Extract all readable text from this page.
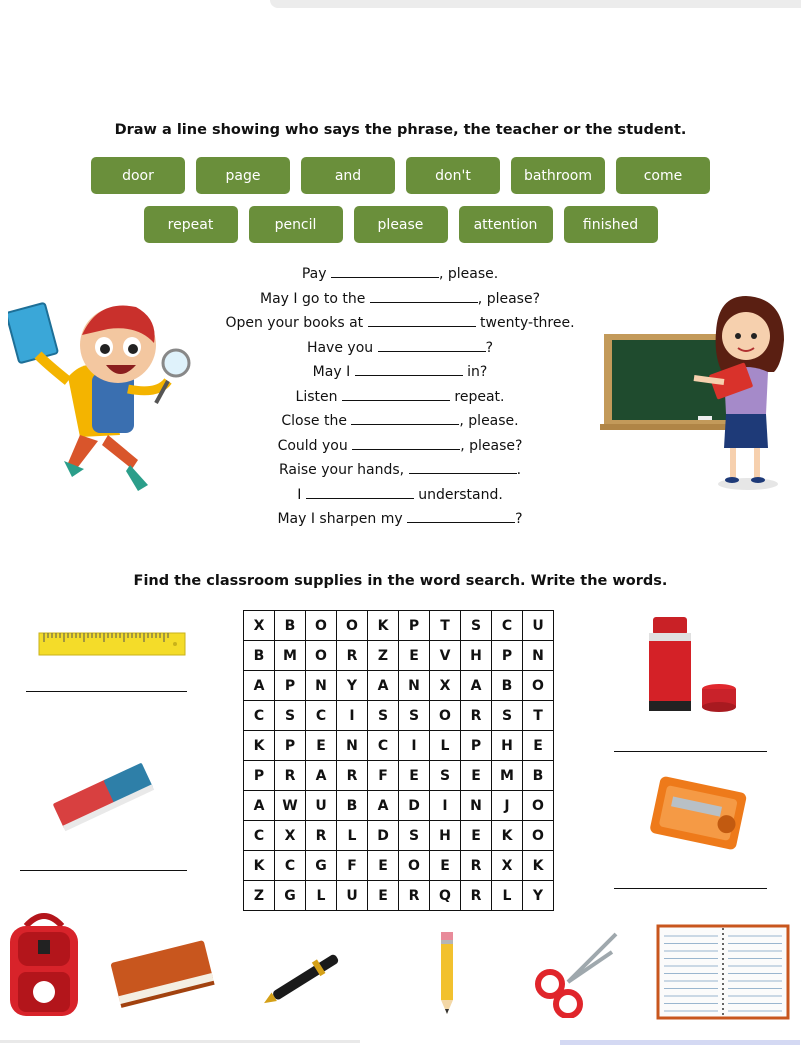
Draw a line showing who says the phrase, the teacher or the student.
door	page	and	don't	bathroom	come
repeat	pencil	please	attention	finished
Pay	, please.
May I go to the	, please?
Open your books at	twenty-three.
Have you	?
May I	in?
Listen	repeat.
Close the	, please.
Could you	, please?
Raise your hands,	.
I	understand.
May I sharpen my	?
Find the classroom supplies in the word search. Write the words.
X	B	O	O	K	P	T	S	C	U
B	M	O	R	Z	E	V	H	P	N
A	P	N	Y	A	N	X	A	B	O
C	S	C	I	S	S	O	R	S	T
K	P	E	N	C	I	L	P	H	E
P	R	A	R	F	E	S	E	M	B
A	W	U	B	A	D	I	N	J	O
C	X	R	L	D	S	H	E	K	O
K	C	G	F	E	O	E	R	X	K
Z	G	L	U	E	R	Q	R	L	Y
